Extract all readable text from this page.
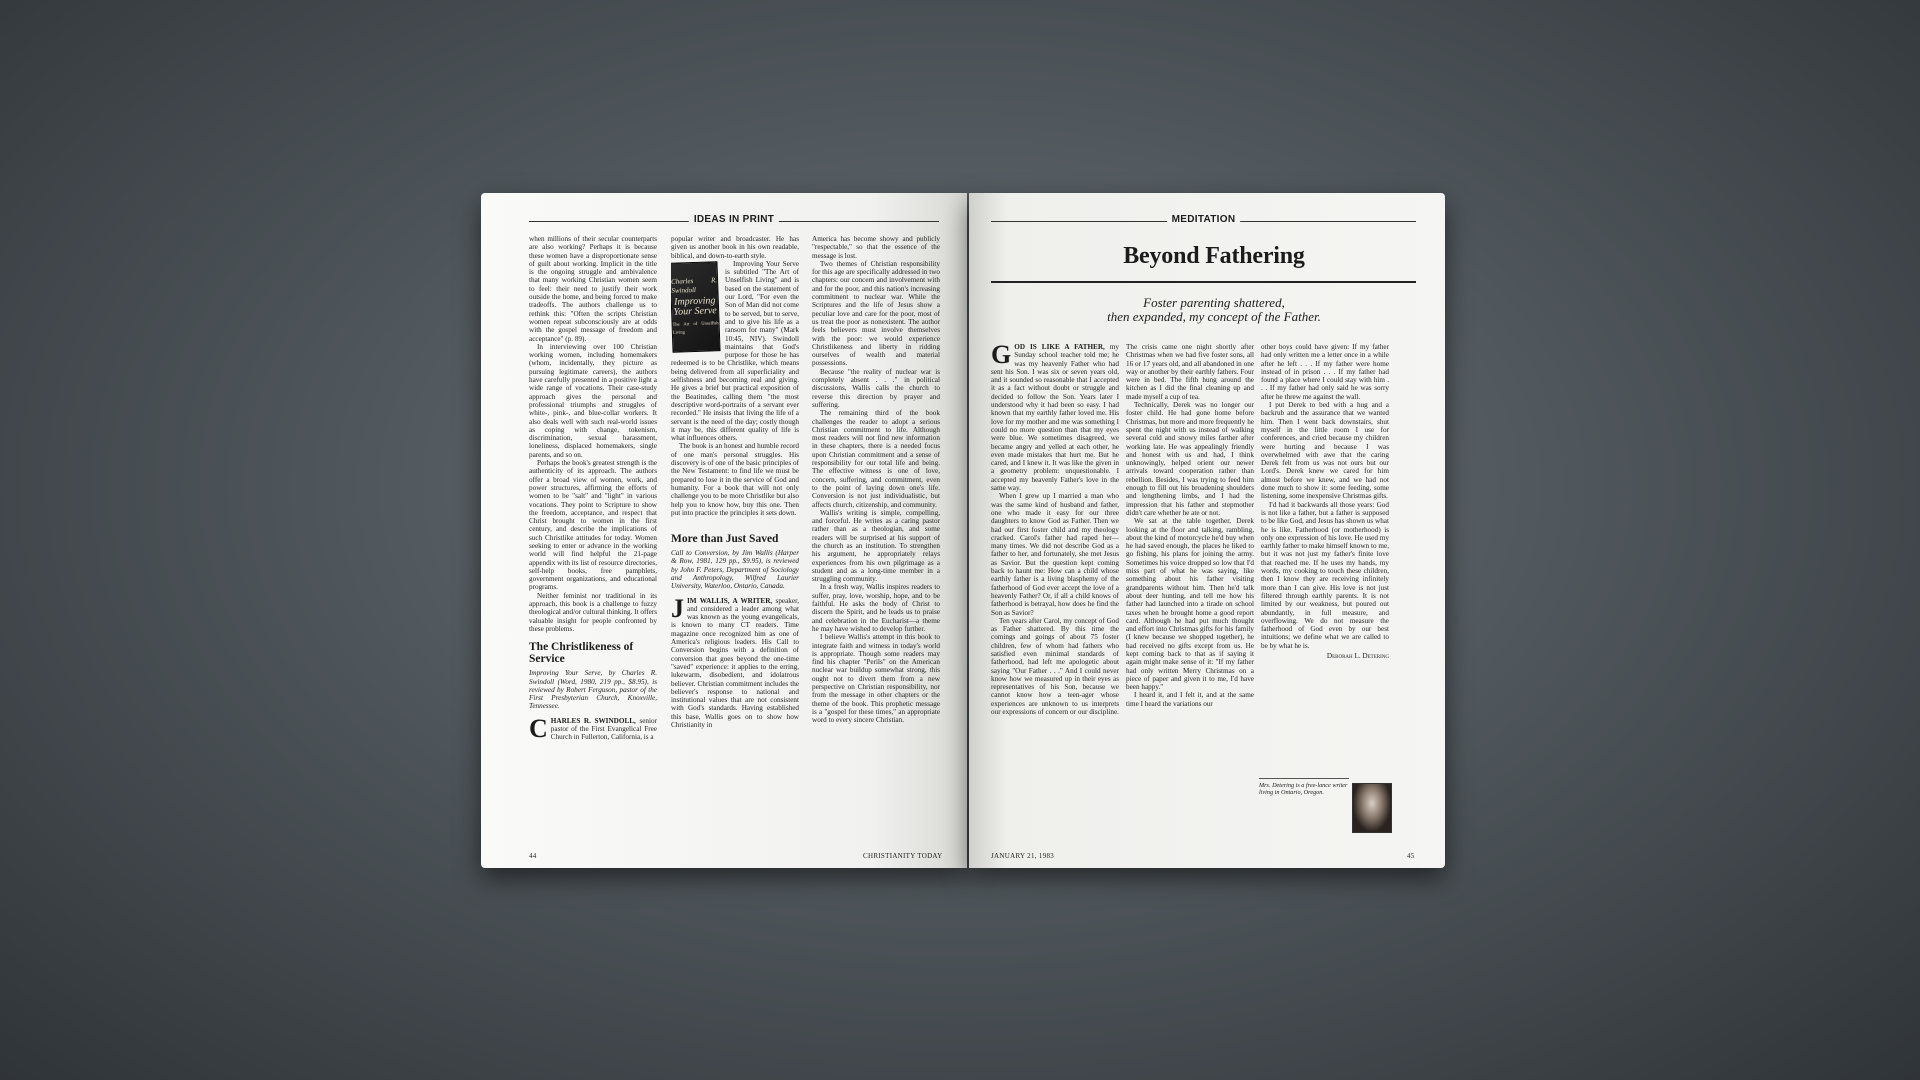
IDEAS IN PRINT

when millions of their secular counterparts are also working? Perhaps it is because these women have a disproportionate sense of guilt about working. Implicit in the title is the ongoing struggle and ambivalence that many working Christian women seem to feel: their need to justify their work outside the home, and being forced to make tradeoffs. The authors challenge us to rethink this: "Often the scripts Christian women repeat subconsciously are at odds with the gospel message of freedom and acceptance" (p. 89).

In interviewing over 100 Christian working women, including homemakers (whom, incidentally, they picture as pursuing legitimate careers), the authors have carefully presented in a positive light a wide range of vocations. Their case-study approach gives the personal and professional triumphs and struggles of white-, pink-, and blue-collar workers. It also deals well with such real-world issues as coping with change, tokenism, discrimination, sexual harassment, loneliness, displaced homemakers, single parents, and so on.

Perhaps the book's greatest strength is the authenticity of its approach. The authors offer a broad view of women, work, and power structures, affirming the efforts of women to be "salt" and "light" in various vocations. They point to Scripture to show the freedom, acceptance, and respect that Christ brought to women in the first century, and describe the implications of such Christlike attitudes for today. Women seeking to enter or advance in the working world will find helpful the 21-page appendix with its list of resource directories, self-help books, free pamphlets, government organizations, and educational programs.

Neither feminist nor traditional in its approach, this book is a challenge to fuzzy theological and/or cultural thinking. It offers valuable insight for people confronted by these problems.

The Christlikeness of Service

Improving Your Serve, by Charles R. Swindoll (Word, 1980, 219 pp., $8.95), is reviewed by Robert Ferguson, pastor of the First Presbyterian Church, Knoxville, Tennessee.

CHARLES R. SWINDOLL, senior pastor of the First Evangelical Free Church in Fullerton, California, is a

popular writer and broadcaster. He has given us another book in his own readable, biblical, and down-to-earth style.

Charles R. Swindoll
Improving Your Serve
The Art of Unselfish Living

Improving Your Serve is subtitled "The Art of Unselfish Living" and is based on the statement of our Lord, "For even the Son of Man did not come to be served, but to serve, and to give his life as a ransom for many" (Mark 10:45, NIV). Swindoll maintains that God's purpose for those he has redeemed is to be Christlike, which means being delivered from all superficiality and selfishness and becoming real and giving. He gives a brief but practical exposition of the Beatitudes, calling them "the most descriptive word-portraits of a servant ever recorded." He insists that living the life of a servant is the need of the day; costly though it may be, this different quality of life is what influences others.

The book is an honest and humble record of one man's personal struggles. His discovery is of one of the basic principles of the New Testament: to find life we must be prepared to lose it in the service of God and humanity. For a book that will not only challenge you to be more Christlike but also help you to know how, buy this one. Then put into practice the principles it sets down.

More than Just Saved

Call to Conversion, by Jim Wallis (Harper & Row, 1981, 129 pp., $9.95), is reviewed by John F. Peters, Department of Sociology and Anthropology, Wilfred Laurier University, Waterloo, Ontario, Canada.

JIM WALLIS, A WRITER, speaker, and considered a leader among what was known as the young evangelicals, is known to many CT readers. Time magazine once recognized him as one of America's religious leaders. His Call to Conversion begins with a definition of conversion that goes beyond the one-time "saved" experience: it applies to the erring, lukewarm, disobedient, and idolatrous believer. Christian commitment includes the believer's response to national and institutional values that are not consistent with God's standards. Having established this base, Wallis goes on to show how Christianity in

America has become showy and publicly "respectable," so that the essence of the message is lost.

Two themes of Christian responsibility for this age are specifically addressed in two chapters: our concern and involvement with and for the poor, and this nation's increasing commitment to nuclear war. While the Scriptures and the life of Jesus show a peculiar love and care for the poor, most of us treat the poor as nonexistent. The author feels believers must involve themselves with the poor: we would experience Christlikeness and liberty in ridding ourselves of wealth and material possessions.

Because "the reality of nuclear war is completely absent . . ." in political discussions, Wallis calls the church to reverse this direction by prayer and suffering.

The remaining third of the book challenges the reader to adopt a serious Christian commitment to life. Although most readers will not find new information in these chapters, there is a needed focus upon Christian commitment and a sense of responsibility for our total life and being. The effective witness is one of love, concern, suffering, and commitment, even to the point of laying down one's life. Conversion is not just individualistic, but affects church, citizenship, and community.

Wallis's writing is simple, compelling, and forceful. He writes as a caring pastor rather than as a theologian, and some readers will be surprised at his support of the church as an institution. To strengthen his argument, he appropriately relays experiences from his own pilgrimage as a student and as a long-time member in a struggling community.

In a fresh way, Wallis inspires readers to suffer, pray, love, worship, hope, and to be faithful. He asks the body of Christ to discern the Spirit, and he leads us to praise and celebration in the Eucharist—a theme he may have wished to develop further.

I believe Wallis's attempt in this book to integrate faith and witness in today's world is appropriate. Though some readers may find his chapter "Perils" on the American nuclear war buildup somewhat strong, this ought not to divert them from a new perspective on Christian responsibility, nor from the message in other chapters or the theme of the book. This prophetic message is a "gospel for these times," an appropriate word to every sincere Christian.

44	CHRISTIANITY TODAY
MEDITATION
Beyond Fathering
Foster parenting shattered,
then expanded, my concept of the Father.

GOD IS LIKE A FATHER, my Sunday school teacher told me; he was my heavenly Father who had sent his Son. I was six or seven years old, and it sounded so reasonable that I accepted it as a fact without doubt or struggle and decided to follow the Son. Years later I understood why it had been so easy. I had known that my earthly father loved me. His love for my mother and me was something I could no more question than that my eyes were blue. We sometimes disagreed, we became angry and yelled at each other, he even made mistakes that hurt me. But he cared, and I knew it. It was like the given in a geometry problem: unquestionable. I accepted my heavenly Father's love in the same way.

When I grew up I married a man who was the same kind of husband and father, one who made it easy for our three daughters to know God as Father. Then we had our first foster child and my theology cracked. Carol's father had raped her—many times. We did not describe God as a father to her, and fortunately, she met Jesus as Savior. But the question kept coming back to haunt me: How can a child whose earthly father is a living blasphemy of the fatherhood of God ever accept the love of a heavenly Father? Or, if all a child knows of fatherhood is betrayal, how does he find the Son as Savior?

Ten years after Carol, my concept of God as Father shattered. By this time the comings and goings of about 75 foster children, few of whom had fathers who satisfied even minimal standards of fatherhood, had left me apologetic about saying "Our Father . . ." And I could never know how we measured up in their eyes as representatives of his Son, because we cannot know how a teen-ager whose experiences are unknown to us interprets our expressions of concern or our discipline.

The crisis came one night shortly after Christmas when we had five foster sons, all 16 or 17 years old, and all abandoned in one way or another by their earthly fathers. Four were in bed. The fifth hung around the kitchen as I did the final cleaning up and made myself a cup of tea.

Technically, Derek was no longer our foster child. He had gone home before Christmas, but more and more frequently he spent the night with us instead of walking several cold and snowy miles farther after working late. He was appealingly friendly and honest with us and had, I think unknowingly, helped orient our newer arrivals toward cooperation rather than rebellion. Besides, I was trying to feed him enough to fill out his broadening shoulders and lengthening limbs, and I had the impression that his father and stepmother didn't care whether he ate or not.

We sat at the table together, Derek looking at the floor and talking, rambling, about the kind of motorcycle he'd buy when he had saved enough, the places he liked to go fishing, his plans for joining the army. Sometimes his voice dropped so low that I'd miss part of what he was saying, like something about his father visiting grandparents without him. Then he'd talk about deer hunting, and tell me how his father had launched into a tirade on school taxes when he brought home a good report card. Although he had put much thought and effort into Christmas gifts for his family (I knew because we shopped together), he had received no gifts except from us. He kept coming back to that as if saying it again might make sense of it: "If my father had only written Merry Christmas on a piece of paper and given it to me, I'd have been happy."

I heard it, and I felt it, and at the same time I heard the variations our

other boys could have given: If my father had only written me a letter once in a while after he left . . . If my father were home instead of in prison . . . If my father had found a place where I could stay with him . . . If my father had only said he was sorry after he threw me against the wall.

I put Derek to bed with a hug and a backrub and the assurance that we wanted him. Then I went back downstairs, shut myself in the little room I use for conferences, and cried because my children were hurting and because I was overwhelmed with awe that the caring Derek felt from us was not ours but our Lord's. Derek knew we cared for him almost before we knew, and we had not done much to show it: some feeding, some listening, some inexpensive Christmas gifts.

I'd had it backwards all those years: God is not like a father, but a father is supposed to be like God, and Jesus has shown us what he is like. Fatherhood (or motherhood) is only one expression of his love. He used my earthly father to make himself known to me, but it was not just my father's finite love that reached me. If he uses my hands, my words, my cooking to touch these children, then I know they are receiving infinitely more than I can give. His love is not just filtered through earthly parents. It is not limited by our weakness, but poured out abundantly, in full measure, and overflowing. We do not measure the fatherhood of God even by our best intuitions; we define what we are called to be by what he is.

Deborah L. Detering
Mrs. Detering is a free-lance writer living in Ontario, Oregon.
JANUARY 21, 1983	45
